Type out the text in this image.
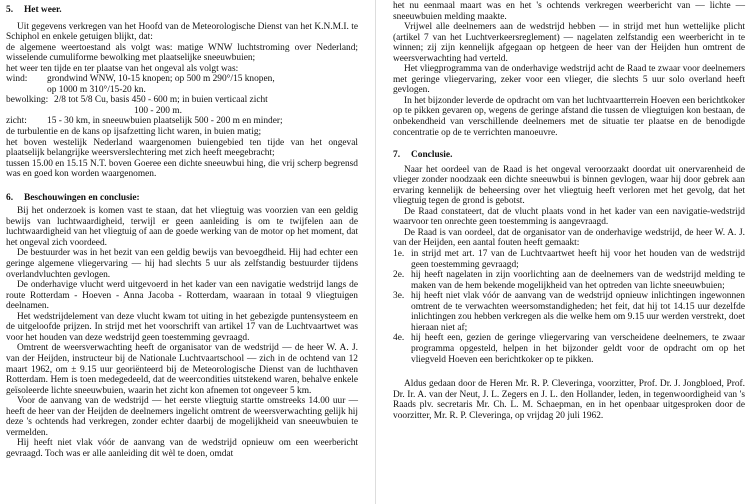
5. Het weer.

Uit gegevens verkregen van het Hoofd van de Meteorologische Dienst van het K.N.M.I. te Schiphol en enkele getuigen blijkt, dat:

de algemene weertoestand als volgt was: matige WNW luchtstroming over Nederland; wisselende cumuliforme bewolking met plaatselijke sneeuwbuien;

het weer ten tijde en ter plaatse van het ongeval als volgt was:

wind: grondwind WNW, 10-15 knopen; op 500 m 290°/15 knopen,

op 1000 m 310°/15-20 kn.

bewolking: 2/8 tot 5/8 Cu, basis 450 - 600 m; in buien verticaal zicht

100 - 200 m.

zicht: 15 - 30 km, in sneeuwbuien plaatselijk 500 - 200 m en minder;

de turbulentie en de kans op ijsafzetting licht waren, in buien matig;

het boven westelijk Nederland waargenomen buiengebied ten tijde van het ongeval plaatselijk belangrijke weersverslechtering met zich heeft meegebracht;

tussen 15.00 en 15.15 N.T. boven Goeree een dichte sneeuwbui hing, die vrij scherp begrensd was en goed kon worden waargenomen.

6. Beschouwingen en conclusie:

Bij het onderzoek is komen vast te staan, dat het vliegtuig was voorzien van een geldig bewijs van luchtwaardigheid, terwijl er geen aanleiding is om te twijfelen aan de luchtwaardigheid van het vliegtuig of aan de goede werking van de motor op het moment, dat het ongeval zich voordeed.

De bestuurder was in het bezit van een geldig bewijs van bevoegdheid. Hij had echter een geringe algemene vliegervaring — hij had slechts 5 uur als zelfstandig bestuurder tijdens overlandvluchten gevlogen.

De onderhavige vlucht werd uitgevoerd in het kader van een navigatie wedstrijd langs de route Rotterdam - Hoeven - Anna Jacoba - Rotterdam, waaraan in totaal 9 vliegtuigen deelnamen.

Het wedstrijdelement van deze vlucht kwam tot uiting in het gebezigde puntensysteem en de uitgeloofde prijzen. In strijd met het voorschrift van artikel 17 van de Luchtvaartwet was voor het houden van deze wedstrijd geen toestemming gevraagd.

Omtrent de weersverwachting heeft de organisator van de wedstrijd — de heer W. A. J. van der Heijden, instructeur bij de Nationale Luchtvaartschool — zich in de ochtend van 12 maart 1962, om ± 9.15 uur georiënteerd bij de Meteorologische Dienst van de luchthaven Rotterdam. Hem is toen medegedeeld, dat de weercondities uitstekend waren, behalve enkele geïsoleerde lichte sneeuwbuien, waarin het zicht kon afnemen tot ongeveer 5 km.

Voor de aanvang van de wedstrijd — het eerste vliegtuig startte omstreeks 14.00 uur — heeft de heer van der Heijden de deelnemers ingelicht omtrent de weersverwachting gelijk hij deze 's ochtends had verkregen, zonder echter daarbij de mogelijkheid van sneeuwbuien te vermelden.

Hij heeft niet vlak vóór de aanvang van de wedstrijd opnieuw om een weerbericht gevraagd. Toch was er alle aanleiding dit wèl te doen, omdat

het nu eenmaal maart was en het 's ochtends verkregen weerbericht van — lichte — sneeuwbuien melding maakte.

Vrijwel alle deelnemers aan de wedstrijd hebben — in strijd met hun wettelijke plicht (artikel 7 van het Luchtverkeersreglement) — nagelaten zelfstandig een weerbericht in te winnen; zij zijn kennelijk afgegaan op hetgeen de heer van der Heijden hun omtrent de weersverwachting had verteld.

Het vliegprogramma van de onderhavige wedstrijd acht de Raad te zwaar voor deelnemers met geringe vliegervaring, zeker voor een vlieger, die slechts 5 uur solo overland heeft gevlogen.

In het bijzonder leverde de opdracht om van het luchtvaartterrein Hoeven een berichtkoker op te pikken gevaren op, wegens de geringe afstand die tussen de vliegtuigen kon bestaan, de onbekendheid van verschillende deelnemers met de situatie ter plaatse en de benodigde concentratie op de te verrichten manoeuvre.

7. Conclusie.

Naar het oordeel van de Raad is het ongeval veroorzaakt doordat uit onervarenheid de vlieger zonder noodzaak een dichte sneeuwbui is binnen gevlogen, waar hij door gebrek aan ervaring kennelijk de beheersing over het vliegtuig heeft verloren met het gevolg, dat het vliegtuig tegen de grond is gebotst.

De Raad constateert, dat de vlucht plaats vond in het kader van een navigatie-wedstrijd waarvoor ten onrechte geen toestemming is aangevraagd.

De Raad is van oordeel, dat de organisator van de onderhavige wedstrijd, de heer W. A. J. van der Heijden, een aantal fouten heeft gemaakt:

1e. in strijd met art. 17 van de Luchtvaartwet heeft hij voor het houden van de wedstrijd geen toestemming gevraagd;
2e. hij heeft nagelaten in zijn voorlichting aan de deelnemers van de wedstrijd melding te maken van de hem bekende mogelijkheid van het optreden van lichte sneeuwbuien;
3e. hij heeft niet vlak vóór de aanvang van de wedstrijd opnieuw inlichtingen ingewonnen omtrent de te verwachten weersomstandigheden; het feit, dat hij tot 14.15 uur dezelfde inlichtingen zou hebben verkregen als die welke hem om 9.15 uur werden verstrekt, doet hieraan niet af;
4e. hij heeft een, gezien de geringe vliegervaring van verscheidene deelnemers, te zwaar programma opgesteld, helpen in het bijzonder geldt voor de opdracht om op het vliegveld Hoeven een berichtkoker op te pikken.

Aldus gedaan door de Heren Mr. R. P. Cleveringa, voorzitter, Prof. Dr. J. Jongbloed, Prof. Dr. Ir. A. van der Neut, J. L. Zegers en J. L. den Hollander, leden, in tegenwoordigheid van 's Raads plv. secretaris Mr. Ch. L. M. Schaepman, en in het openbaar uitgesproken door de voorzitter, Mr. R. P. Cleveringa, op vrijdag 20 juli 1962.
